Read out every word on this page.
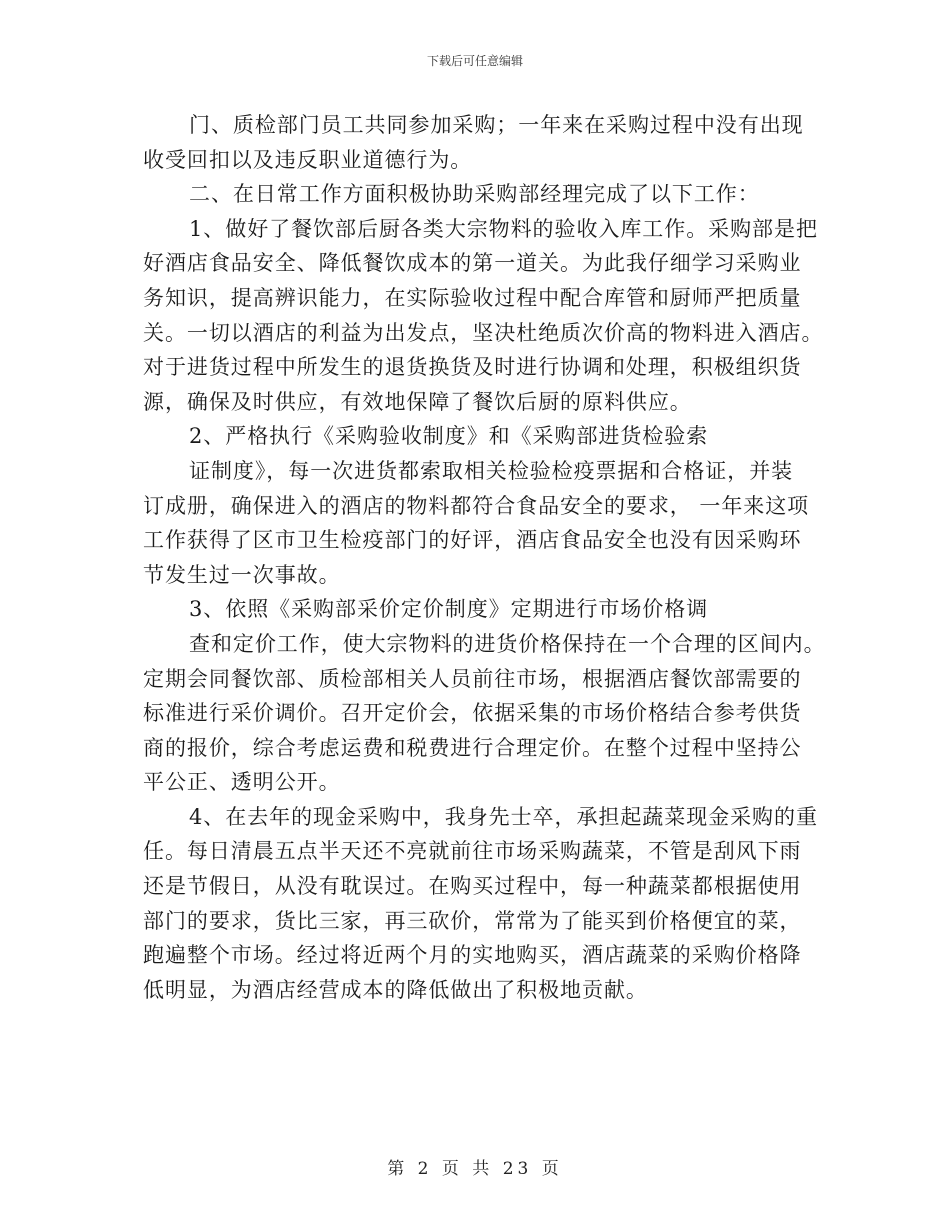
下载后可任意编辑
门、质检部门员工共同参加采购；一年来在采购过程中没有出现
收受回扣以及违反职业道德行为。
二、在日常工作方面积极协助采购部经理完成了以下工作：
1、做好了餐饮部后厨各类大宗物料的验收入库工作。采购部是把
好酒店食品安全、降低餐饮成本的第一道关。为此我仔细学习采购业
务知识，提高辨识能力，在实际验收过程中配合库管和厨师严把质量
关。一切以酒店的利益为出发点，坚决杜绝质次价高的物料进入酒店。
对于进货过程中所发生的退货换货及时进行协调和处理，积极组织货
源，确保及时供应，有效地保障了餐饮后厨的原料供应。
2、严格执行《采购验收制度》和《采购部进货检验索
证制度》，每一次进货都索取相关检验检疫票据和合格证，并装
订成册，确保进入的酒店的物料都符合食品安全的要求， 一年来这项
工作获得了区市卫生检疫部门的好评，酒店食品安全也没有因采购环
节发生过一次事故。
3、依照《采购部采价定价制度》定期进行市场价格调
查和定价工作，使大宗物料的进货价格保持在一个合理的区间内。
定期会同餐饮部、质检部相关人员前往市场，根据酒店餐饮部需要的
标准进行采价调价。召开定价会，依据采集的市场价格结合参考供货
商的报价，综合考虑运费和税费进行合理定价。在整个过程中坚持公
平公正、透明公开。
4、在去年的现金采购中，我身先士卒，承担起蔬菜现金采购的重
任。每日清晨五点半天还不亮就前往市场采购蔬菜，不管是刮风下雨
还是节假日，从没有耽误过。在购买过程中，每一种蔬菜都根据使用
部门的要求，货比三家，再三砍价，常常为了能买到价格便宜的菜，
跑遍整个市场。经过将近两个月的实地购买，酒店蔬菜的采购价格降
低明显，为酒店经营成本的降低做出了积极地贡献。
第 2 页 共 23 页
